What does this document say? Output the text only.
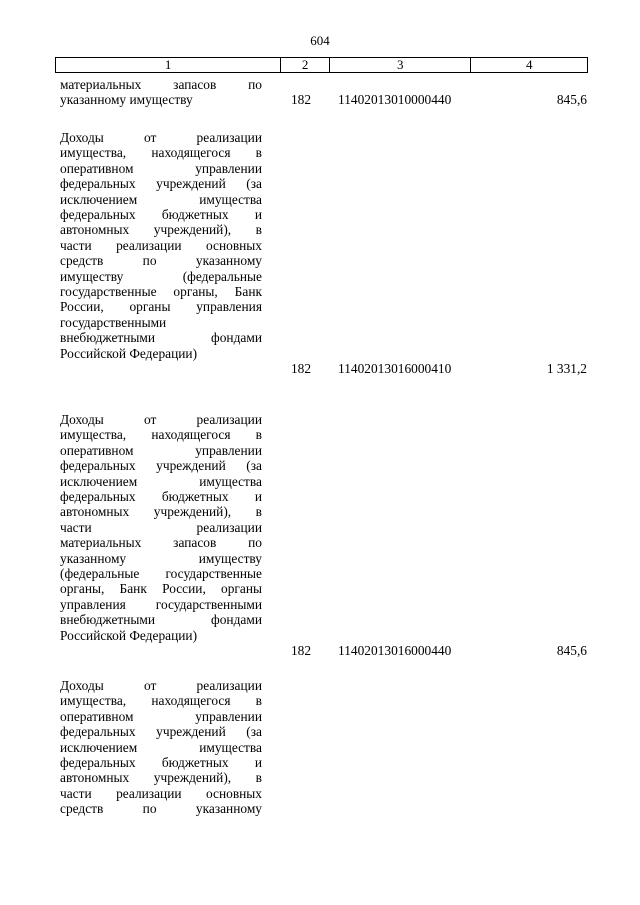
604
1	2	3	4
материальных запасов по
указанному имуществу	182	11402013010000440	845,6
Доходы от реализации
имущества, находящегося в
оперативном управлении
федеральных учреждений (за
исключением имущества
федеральных бюджетных и
автономных учреждений), в
части реализации основных
средств по указанному
имуществу (федеральные
государственные органы, Банк
России, органы управления
государственными
внебюджетными фондами
Российской Федерации)
182	11402013016000410	1 331,2
Доходы от реализации
имущества, находящегося в
оперативном управлении
федеральных учреждений (за
исключением имущества
федеральных бюджетных и
автономных учреждений), в
части реализации
материальных запасов по
указанному имуществу
(федеральные государственные
органы, Банк России, органы
управления государственными
внебюджетными фондами
Российской Федерации)
182	11402013016000440	845,6
Доходы от реализации
имущества, находящегося в
оперативном управлении
федеральных учреждений (за
исключением имущества
федеральных бюджетных и
автономных учреждений), в
части реализации основных
средств по указанному
